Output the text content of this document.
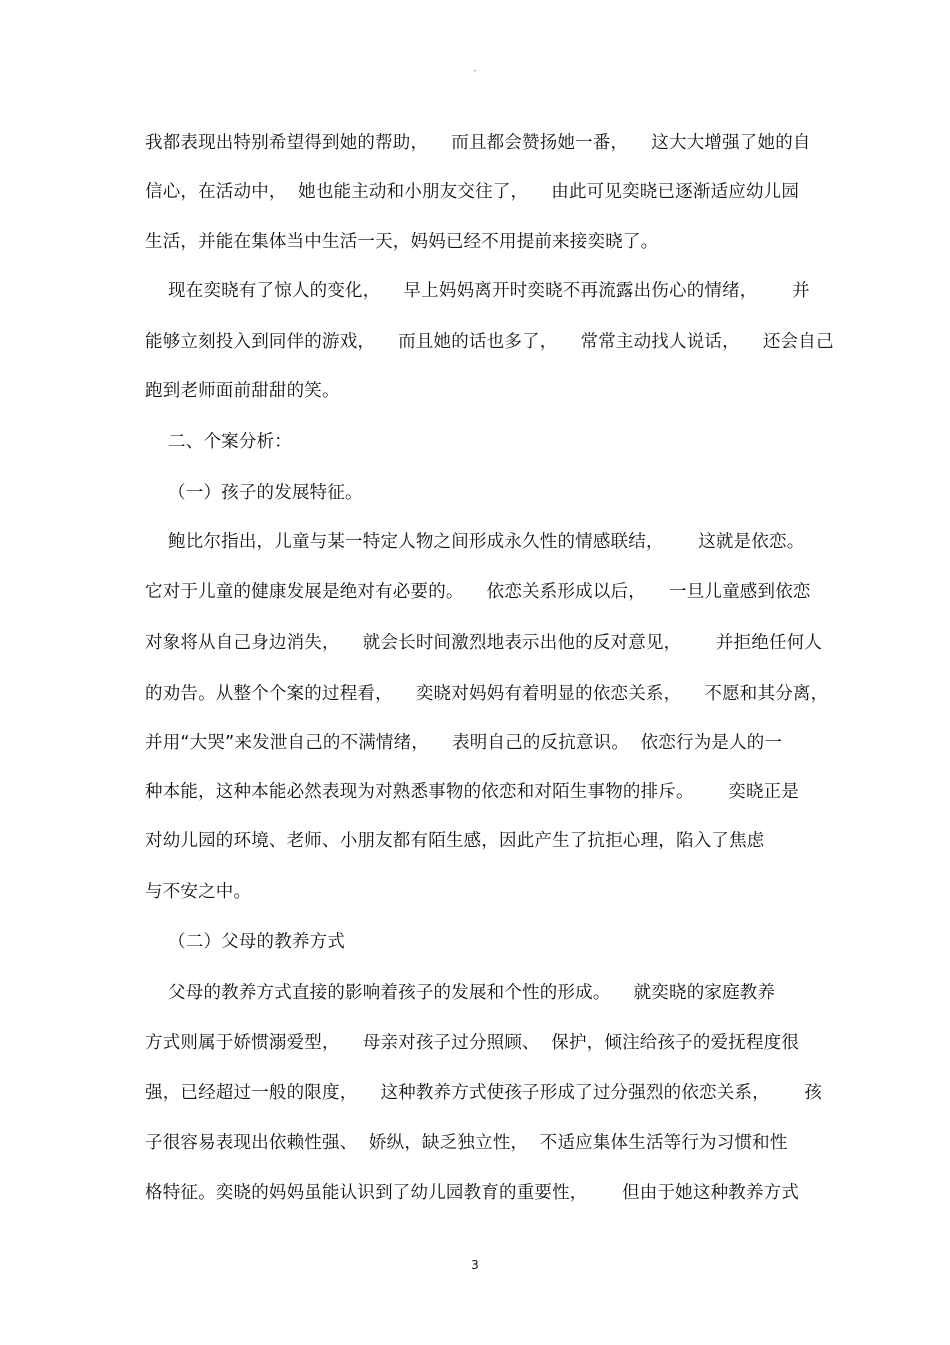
-
我都表现出特别希望得到她的帮助，    而且都会赞扬她一番，    这大大增强了她的自
信心，在活动中，  她也能主动和小朋友交往了，    由此可见奕晓已逐渐适应幼儿园
生活，并能在集体当中生活一天，妈妈已经不用提前来接奕晓了。
现在奕晓有了惊人的变化，    早上妈妈离开时奕晓不再流露出伤心的情绪，      并
能够立刻投入到同伴的游戏，    而且她的话也多了，    常常主动找人说话，    还会自己
跑到老师面前甜甜的笑。
二、个案分析：
（一）孩子的发展特征。
鲍比尔指出，儿童与某一特定人物之间形成永久性的情感联结，      这就是依恋。
它对于儿童的健康发展是绝对有必要的。    依恋关系形成以后，    一旦儿童感到依恋
对象将从自己身边消失，    就会长时间激烈地表示出他的反对意见，      并拒绝任何人
的劝告。从整个个案的过程看，    奕晓对妈妈有着明显的依恋关系，    不愿和其分离，
并用“大哭”来发泄自己的不满情绪，    表明自己的反抗意识。  依恋行为是人的一
种本能，这种本能必然表现为对熟悉事物的依恋和对陌生事物的排斥。      奕晓正是
对幼儿园的环境、老师、小朋友都有陌生感，因此产生了抗拒心理，陷入了焦虑
与不安之中。
（二）父母的教养方式
父母的教养方式直接的影响着孩子的发展和个性的形成。    就奕晓的家庭教养
方式则属于娇惯溺爱型，    母亲对孩子过分照顾、  保护，倾注给孩子的爱抚程度很
强，已经超过一般的限度，    这种教养方式使孩子形成了过分强烈的依恋关系，      孩
子很容易表现出依赖性强、  娇纵，缺乏独立性，  不适应集体生活等行为习惯和性
格特征。奕晓的妈妈虽能认识到了幼儿园教育的重要性，      但由于她这种教养方式
3
